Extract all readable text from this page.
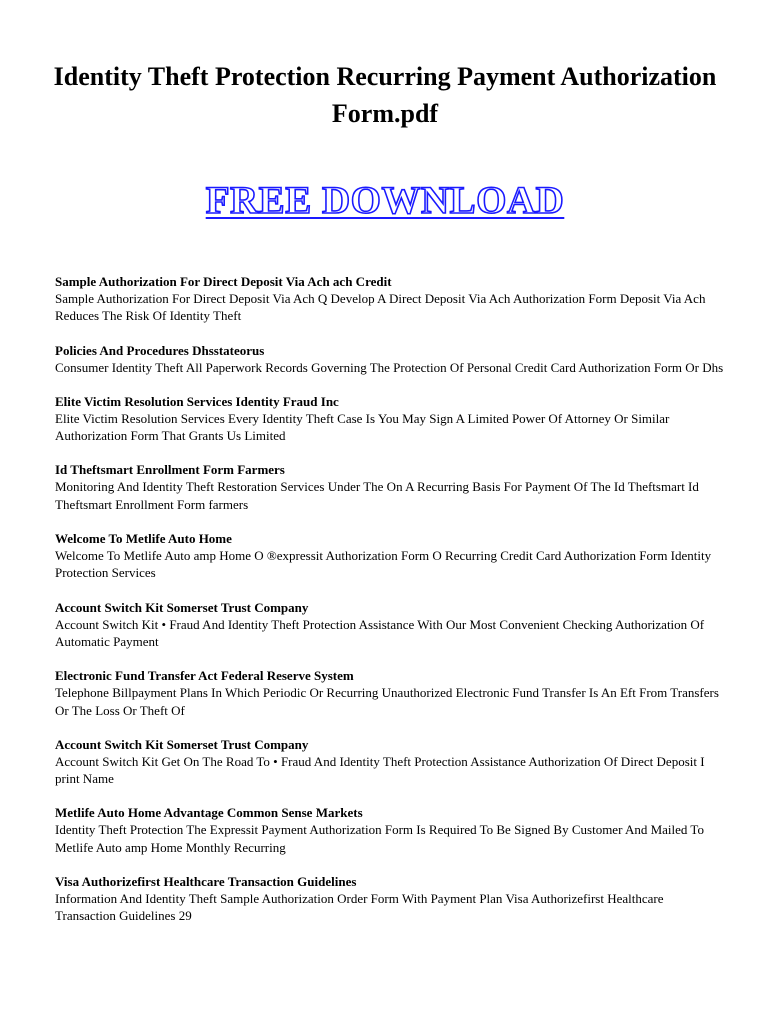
Identity Theft Protection Recurring Payment Authorization Form.pdf
FREE DOWNLOAD

Sample Authorization For Direct Deposit Via Ach ach Credit

Sample Authorization For Direct Deposit Via Ach Q Develop A Direct Deposit Via Ach Authorization Form Deposit Via Ach Reduces The Risk Of Identity Theft

Policies And Procedures Dhsstateorus

Consumer Identity Theft All Paperwork Records Governing The Protection Of Personal Credit Card Authorization Form Or Dhs

Elite Victim Resolution Services Identity Fraud Inc

Elite Victim Resolution Services Every Identity Theft Case Is You May Sign A Limited Power Of Attorney Or Similar Authorization Form That Grants Us Limited

Id Theftsmart Enrollment Form Farmers

Monitoring And Identity Theft Restoration Services Under The On A Recurring Basis For Payment Of The Id Theftsmart Id Theftsmart Enrollment Form farmers

Welcome To Metlife Auto Home

Welcome To Metlife Auto amp Home O ®expressit Authorization Form O Recurring Credit Card Authorization Form Identity Protection Services

Account Switch Kit Somerset Trust Company

Account Switch Kit • Fraud And Identity Theft Protection Assistance With Our Most Convenient Checking Authorization Of Automatic Payment

Electronic Fund Transfer Act Federal Reserve System

Telephone Billpayment Plans In Which Periodic Or Recurring Unauthorized Electronic Fund Transfer Is An Eft From Transfers Or The Loss Or Theft Of

Account Switch Kit Somerset Trust Company

Account Switch Kit Get On The Road To • Fraud And Identity Theft Protection Assistance Authorization Of Direct Deposit I print Name

Metlife Auto Home Advantage Common Sense Markets

Identity Theft Protection The Expressit Payment Authorization Form Is Required To Be Signed By Customer And Mailed To Metlife Auto amp Home Monthly Recurring

Visa Authorizefirst Healthcare Transaction Guidelines

Information And Identity Theft Sample Authorization Order Form With Payment Plan Visa Authorizefirst Healthcare Transaction Guidelines 29
